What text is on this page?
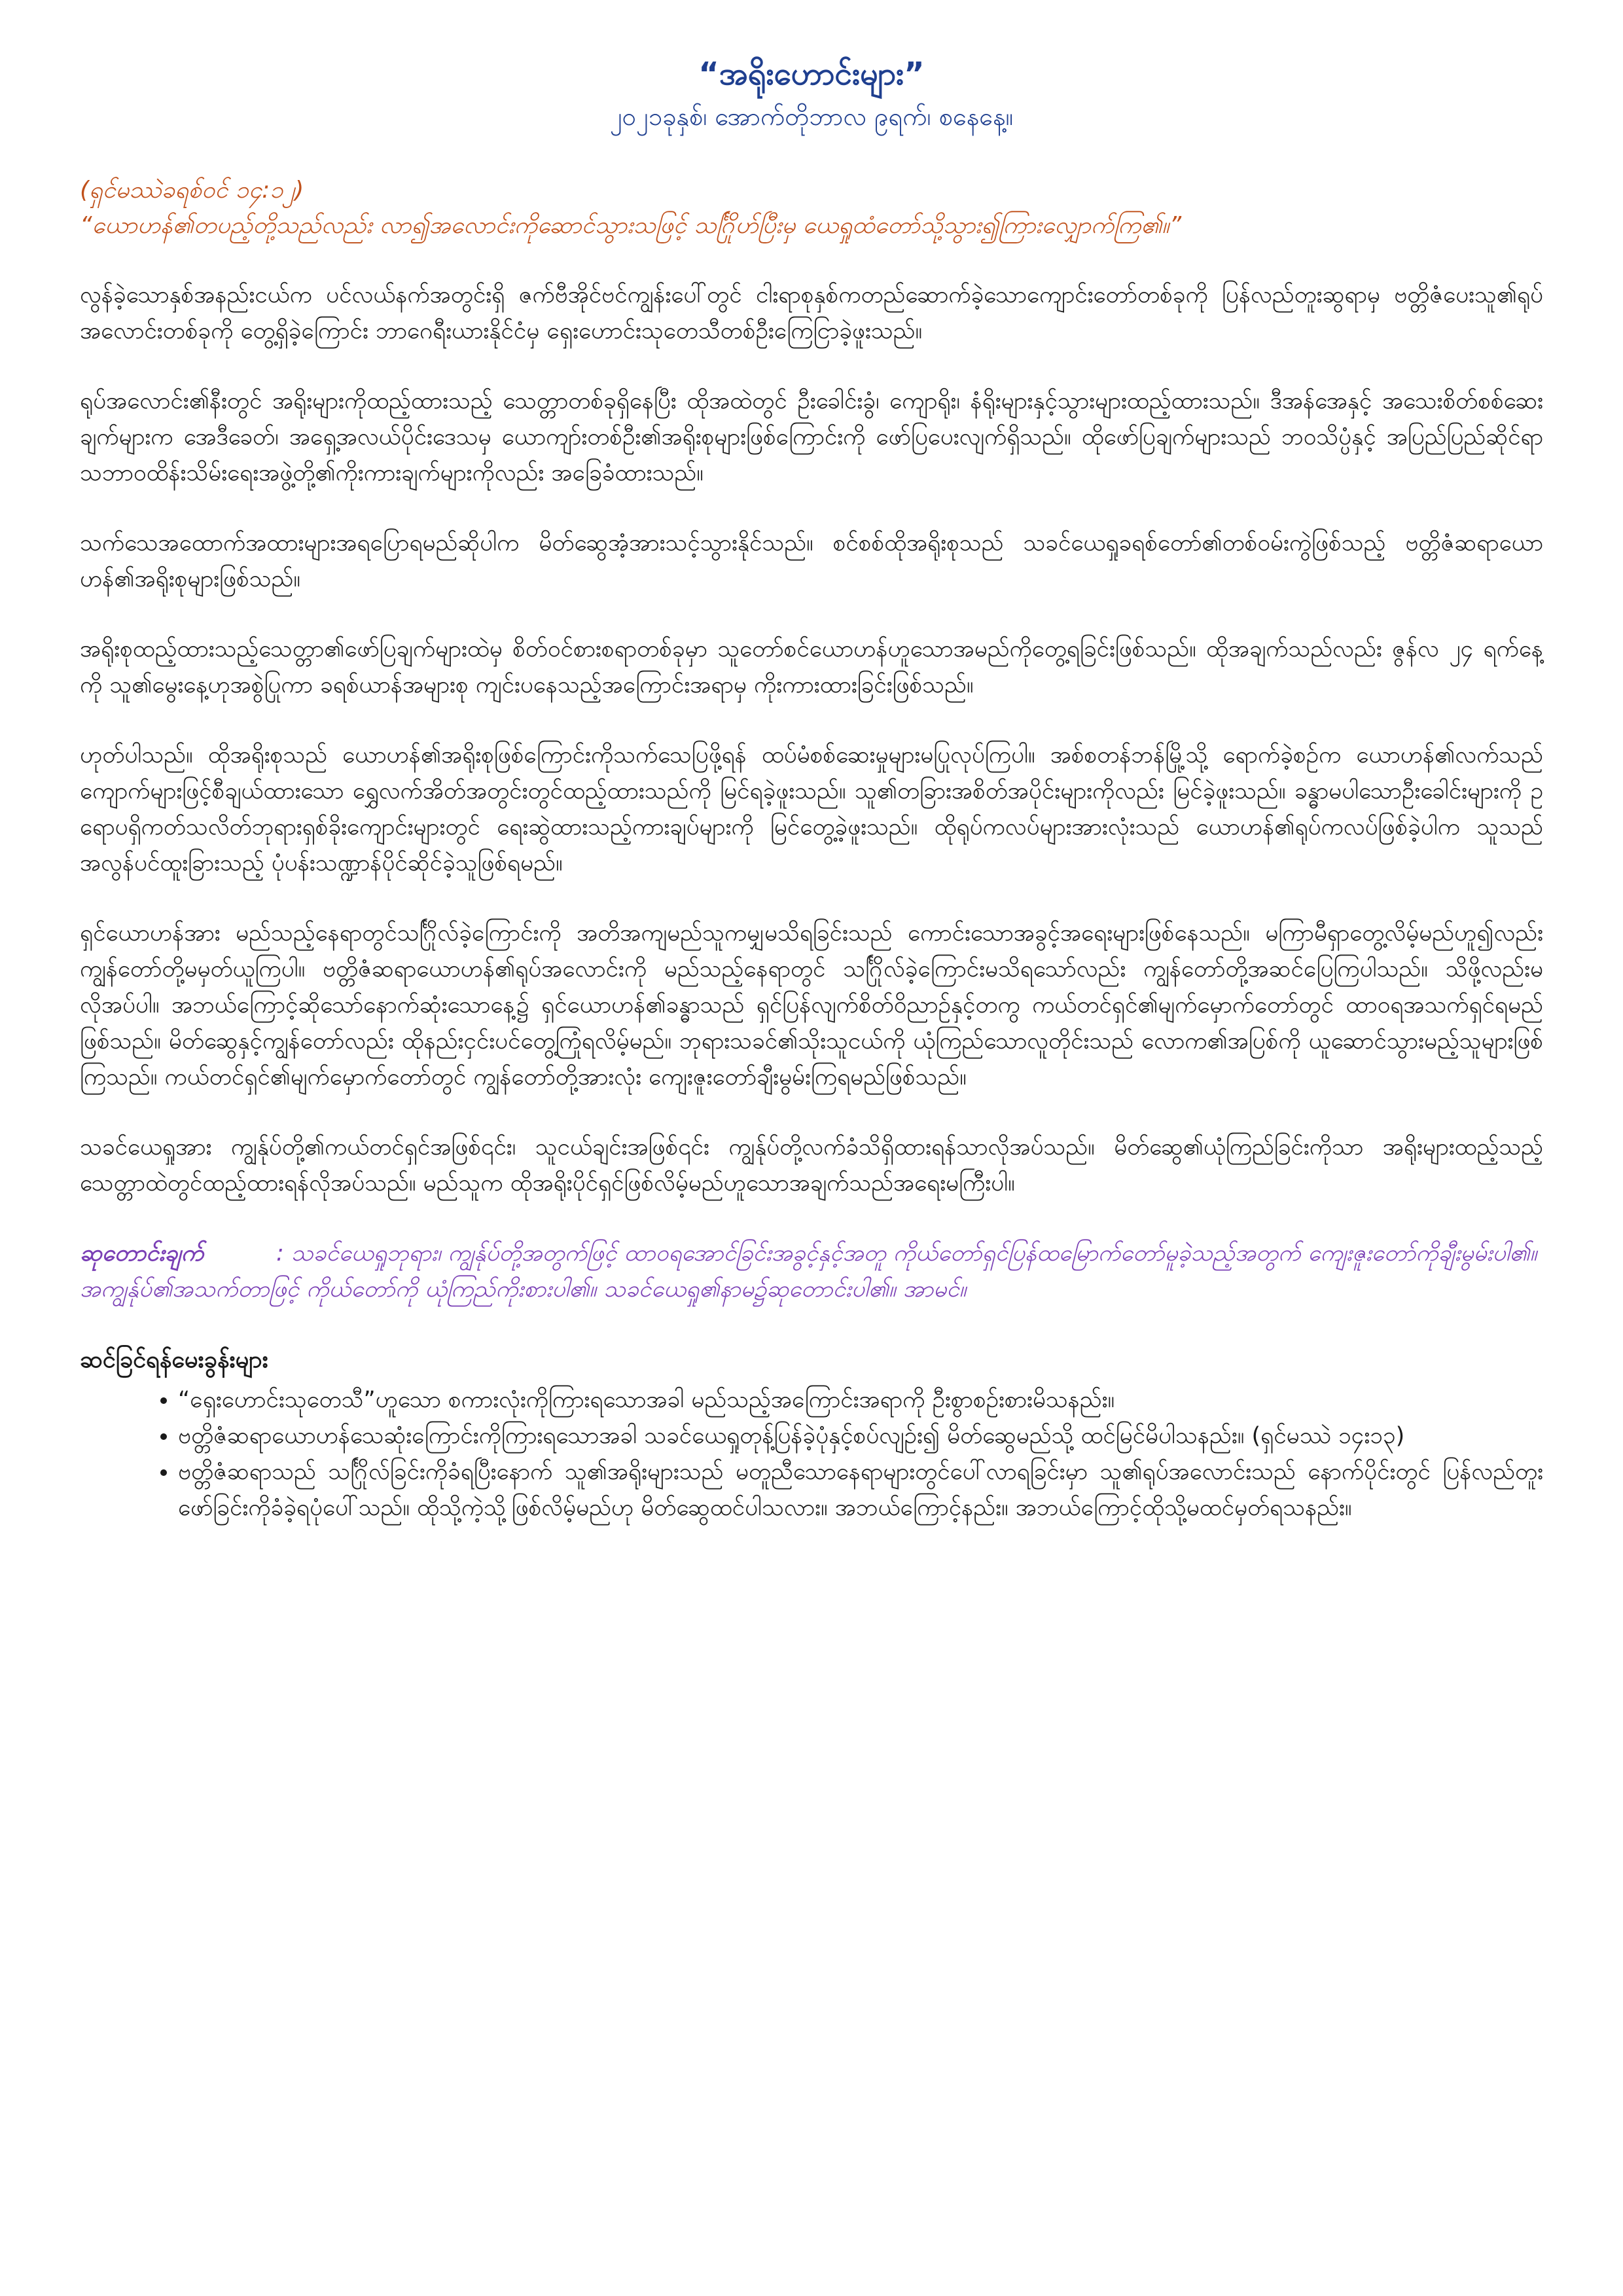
“အရိုးဟောင်းများ”
၂၀၂၁ခုနှစ်၊ အောက်တိုဘာလ ၉ရက်၊ စနေနေ့။
(ရှင်မဿဲခရစ်ဝင် ၁၄:၁၂)
“ယောဟန်၏တပည့်တို့သည်လည်း လာ၍အလောင်းကိုဆောင်သွားသဖြင့် သင်္ဂြိုဟ်ပြီးမှ ယေရှုထံတော်သို့သွား၍ကြားလျှောက်ကြ၏။”
လွန်ခဲ့သောနှစ်အနည်းငယ်က ပင်လယ်နက်အတွင်းရှိ ဇက်ဗီအိုင်ဗင်ကျွန်းပေါ်တွင် ငါးရာစုနှစ်ကတည်ဆောက်ခဲ့သောကျောင်းတော်တစ်ခုကို ပြန်လည်တူးဆွရာမှ ဗတ္တိဇံပေးသူ၏ရုပ်အလောင်းတစ်ခုကို တွေ့ရှိခဲ့ကြောင်း ဘာဂေရီးယားနိုင်ငံမှ ရှေးဟောင်းသုတေသီတစ်ဦးကြေငြာခဲ့ဖူးသည်။
ရုပ်အလောင်း၏နီးတွင် အရိုးများကိုထည့်ထားသည့် သေတ္တာတစ်ခုရှိနေပြီး ထိုအထဲတွင် ဦးခေါင်းခွံ၊ ကျောရိုး၊ နံရိုးများနှင့်သွားများထည့်ထားသည်။ ဒီအန်အေနှင့် အသေးစိတ်စစ်ဆေးချက်များက အေဒီခေတ်၊ အရှေ့အလယ်ပိုင်းဒေသမှ ယောကျာ်းတစ်ဦး၏အရိုးစုများဖြစ်ကြောင်းကို ဖော်ပြပေးလျက်ရှိသည်။ ထိုဖော်ပြချက်များသည် ဘဝသိပ္ပံနှင့် အပြည်ပြည်ဆိုင်ရာသဘာဝထိန်းသိမ်းရေးအဖွဲ့တို့၏ကိုးကားချက်များကိုလည်း အခြေခံထားသည်။
သက်သေအထောက်အထားများအရပြောရမည်ဆိုပါက မိတ်ဆွေအံ့အားသင့်သွားနိုင်သည်။ စင်စစ်ထိုအရိုးစုသည် သခင်ယေရှုခရစ်တော်၏တစ်ဝမ်းကွဲဖြစ်သည့် ဗတ္တိဇံဆရာယောဟန်၏အရိုးစုများဖြစ်သည်။
အရိုးစုထည့်ထားသည့်သေတ္တာ၏ဖော်ပြချက်များထဲမှ စိတ်ဝင်စားစရာတစ်ခုမှာ သူတော်စင်ယောဟန်ဟူသောအမည်ကိုတွေ့ရခြင်းဖြစ်သည်။ ထိုအချက်သည်လည်း ဇွန်လ ၂၄ ရက်နေ့ကို သူ၏မွေးနေ့ဟုအစွဲပြုကာ ခရစ်ယာန်အများစု ကျင်းပနေသည့်အကြောင်းအရာမှ ကိုးကားထားခြင်းဖြစ်သည်။
ဟုတ်ပါသည်။ ထိုအရိုးစုသည် ယောဟန်၏အရိုးစုဖြစ်ကြောင်းကိုသက်သေပြဖို့ရန် ထပ်မံစစ်ဆေးမှုများမပြုလုပ်ကြပါ။ အစ်စတန်ဘန်မြို့သို့ ရောက်ခဲ့စဥ်က ယောဟန်၏လက်သည် ကျောက်များဖြင့်စီချယ်ထားသော ရွှေလက်အိတ်အတွင်းတွင်ထည့်ထားသည်ကို မြင်ရခဲ့ဖူးသည်။ သူ၏တခြားအစိတ်အပိုင်းများကိုလည်း မြင်ခဲ့ဖူးသည်။ ခန္ဓာမပါသောဦးခေါင်းများကို ဥရောပရှိကတ်သလိတ်ဘုရားရှစ်ခိုးကျောင်းများတွင် ရေးဆွဲထားသည့်ကားချပ်များကို မြင်တွေ့ခဲ့ဖူးသည်။ ထိုရုပ်ကလပ်များအားလုံးသည် ယောဟန်၏ရုပ်ကလပ်ဖြစ်ခဲ့ပါက သူသည်အလွန်ပင်ထူးခြားသည့် ပုံပန်းသဏ္ဍာန်ပိုင်ဆိုင်ခဲ့သူဖြစ်ရမည်။
ရှင်ယောဟန်အား မည်သည့်နေရာတွင်သင်္ဂြိုလ်ခဲ့ကြောင်းကို အတိအကျမည်သူကမျှမသိရခြင်းသည် ကောင်းသောအခွင့်အရေးများဖြစ်နေသည်။ မကြာမီရှာတွေ့လိမ့်မည်ဟူ၍လည်း ကျွန်တော်တို့မမှတ်ယူကြပါ။ ဗတ္တိဇံဆရာယောဟန်၏ရုပ်အလောင်းကို မည်သည့်နေရာတွင် သင်္ဂြိုလ်ခဲ့ကြောင်းမသိရသော်လည်း ကျွန်တော်တို့အဆင်ပြေကြပါသည်။ သိဖို့လည်းမလိုအပ်ပါ။ အဘယ်ကြောင့်ဆိုသော်နောက်ဆုံးသောနေ့၌ ရှင်ယောဟန်၏ခန္ဓာသည် ရှင်ပြန်လျက်စိတ်ဝိညာဥ်နှင့်တကွ ကယ်တင်ရှင်၏မျက်မှောက်တော်တွင် ထာဝရအသက်ရှင်ရမည်ဖြစ်သည်။ မိတ်ဆွေနှင့်ကျွန်တော်လည်း ထိုနည်းငှင်းပင်တွေ့ကြုံရလိမ့်မည်။ ဘုရားသခင်၏သိုးသူငယ်ကို ယုံကြည်သောလူတိုင်းသည် လောက၏အပြစ်ကို ယူဆောင်သွားမည့်သူများဖြစ်ကြသည်။ ကယ်တင်ရှင်၏မျက်မှောက်တော်တွင် ကျွန်တော်တို့အားလုံး ကျေးဇူးတော်ချီးမွမ်းကြရမည်ဖြစ်သည်။
သခင်ယေရှုအား ကျွန်ုပ်တို့၏ကယ်တင်ရှင်အဖြစ်၎င်း၊ သူငယ်ချင်းအဖြစ်၎င်း ကျွန်ုပ်တို့လက်ခံသိရှိထားရန်သာလိုအပ်သည်။ မိတ်ဆွေ၏ယုံကြည်ခြင်းကိုသာ အရိုးများထည့်သည့်သေတ္တာထဲတွင်ထည့်ထားရန်လိုအပ်သည်။ မည်သူက ထိုအရိုးပိုင်ရှင်ဖြစ်လိမ့်မည်ဟူသောအချက်သည်အရေးမကြီးပါ။
ဆုတောင်းချက်	: သခင်ယေရှုဘုရား၊ ကျွန်ုပ်တို့အတွက်ဖြင့် ထာဝရအောင်ခြင်းအခွင့်နှင့်အတူ ကိုယ်တော်ရှင်ပြန်ထမြောက်တော်မူခဲ့သည့်အတွက် ကျေးဇူးတော်ကိုချီးမွမ်းပါ၏။ အကျွန်ုပ်၏အသက်တာဖြင့် ကိုယ်တော်ကို ယုံကြည်ကိုးစားပါ၏။ သခင်ယေရှု၏နာမ၌ဆုတောင်းပါ၏။ အာမင်။
ဆင်ခြင်ရန်မေးခွန်းများ
• “ရှေးဟောင်းသုတေသီ”ဟူသော စကားလုံးကိုကြားရသောအခါ မည်သည့်အကြောင်းအရာကို ဦးစွာစဥ်းစားမိသနည်း။
• ဗတ္တိဇံဆရာယောဟန်သေဆုံးကြောင်းကိုကြားရသောအခါ သခင်ယေရှုတုန့်ပြန်ခဲ့ပုံနှင့်စပ်လျဥ်း၍ မိတ်ဆွေမည်သို့ ထင်မြင်မိပါသနည်း။ (ရှင်မဿဲ ၁၄း၁၃)
• ဗတ္တိဇံဆရာသည် သင်္ဂြိုလ်ခြင်းကိုခံရပြီးနောက် သူ၏အရိုးများသည် မတူညီသောနေရာများတွင်ပေါ်လာရခြင်းမှာ သူ၏ရုပ်အလောင်းသည် နောက်ပိုင်းတွင် ပြန်လည်တူးဖော်ခြင်းကိုခံခဲ့ရပုံပေါ်သည်။ ထိုသို့ကဲ့သို့ဖြစ်လိမ့်မည်ဟု မိတ်ဆွေထင်ပါသလား။ အဘယ်ကြောင့်နည်း။ အဘယ်ကြောင့်ထိုသို့မထင်မှတ်ရသနည်း။
